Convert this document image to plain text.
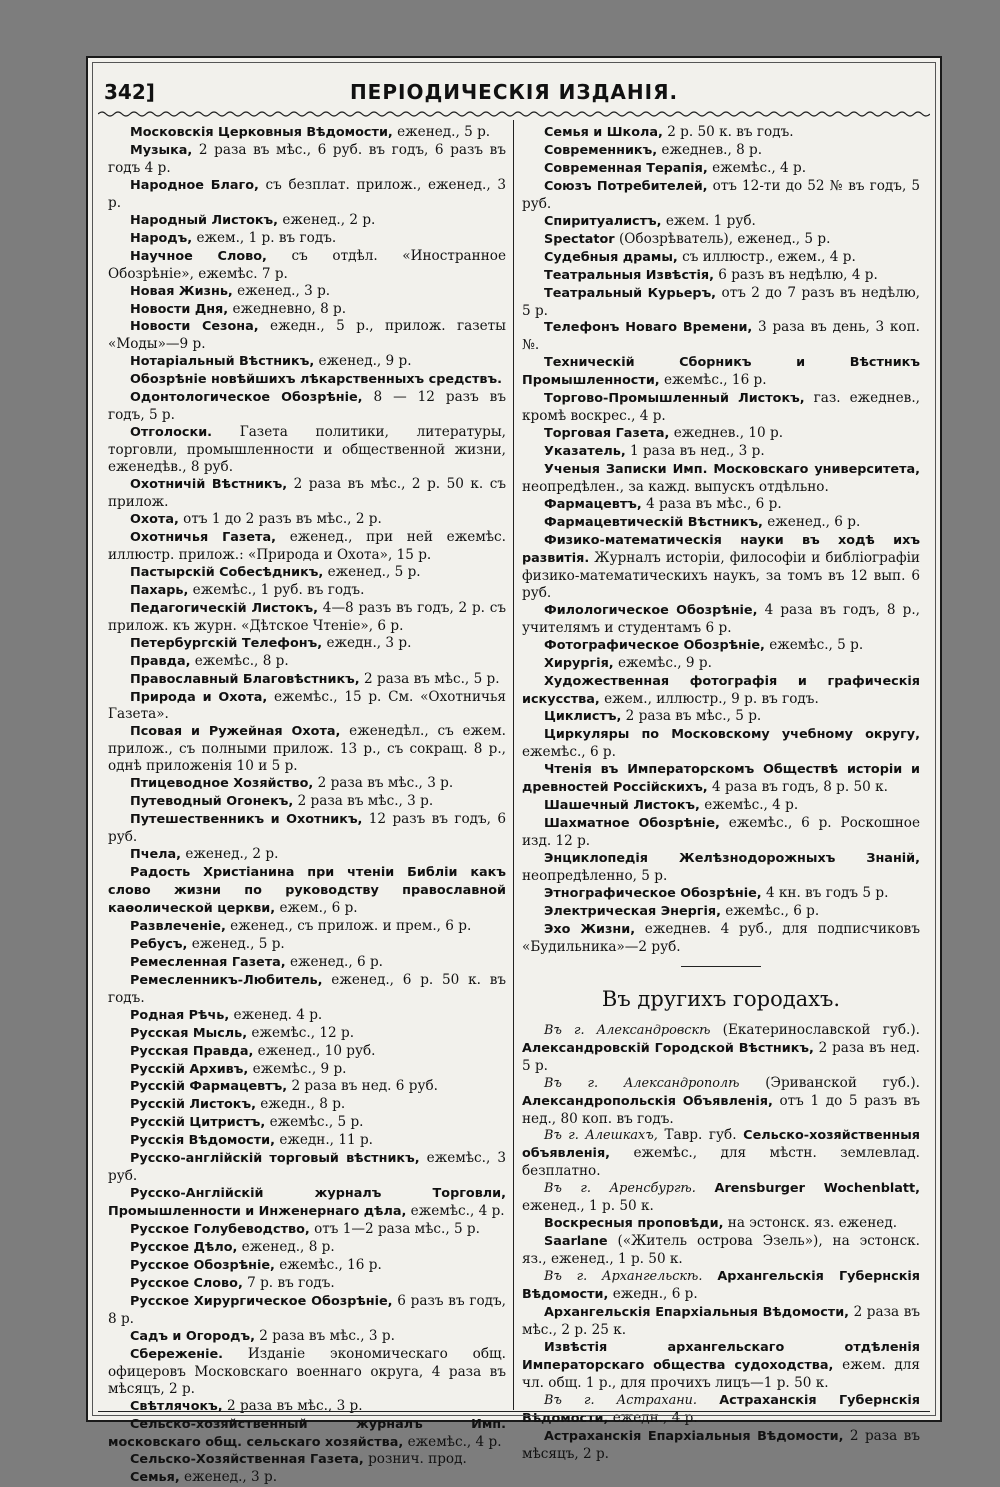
342]	ПЕРІОДИЧЕСКІЯ ИЗДАНІЯ.

Московскія Церковныя Вѣдомости, еженед., 5 р.

Музыка, 2 раза въ мѣс., 6 руб. въ годъ, 6 разъ въ годъ 4 р.

Народное Благо, съ безплат. прилож., еженед., 3 р.

Народный Листокъ, еженед., 2 р.

Народъ, ежем., 1 р. въ годъ.

Научное Слово, съ отдѣл. «Иностранное Обозрѣніе», ежемѣс. 7 р.

Новая Жизнь, еженед., 3 р.

Новости Дня, ежедневно, 8 р.

Новости Сезона, ежедн., 5 р., прилож. газеты «Моды»—9 р.

Нотаріальный Вѣстникъ, еженед., 9 р.

Обозрѣніе новѣйшихъ лѣкарственныхъ средствъ.

Одонтологическое Обозрѣніе, 8 — 12 разъ въ годъ, 5 р.

Отголоски. Газета политики, литературы, торговли, промышленности и общественной жизни, еженедѣв., 8 руб.

Охотничій Вѣстникъ, 2 раза въ мѣс., 2 р. 50 к. съ прилож.

Охота, отъ 1 до 2 разъ въ мѣс., 2 р.

Охотничья Газета, еженед., при ней ежемѣс. иллюстр. прилож.: «Природа и Охота», 15 р.

Пастырскій Собесѣдникъ, еженед., 5 р.

Пахарь, ежемѣс., 1 руб. въ годъ.

Педагогическій Листокъ, 4—8 разъ въ годъ, 2 р. съ прилож. къ журн. «Дѣтское Чтеніе», 6 р.

Петербургскій Телефонъ, ежедн., 3 р.

Правда, ежемѣс., 8 р.

Православный Благовѣстникъ, 2 раза въ мѣс., 5 р.

Природа и Охота, ежемѣс., 15 р. См. «Охотничья Газета».

Псовая и Ружейная Охота, еженедѣл., съ ежем. прилож., съ полными прилож. 13 р., съ сокращ. 8 р., однѣ приложенія 10 и 5 р.

Птицеводное Хозяйство, 2 раза въ мѣс., 3 р.

Путеводный Огонекъ, 2 раза въ мѣс., 3 р.

Путешественникъ и Охотникъ, 12 разъ въ годъ, 6 руб.

Пчела, еженед., 2 р.

Радость Христіанина при чтеніи Библіи какъ слово жизни по руководству православной каѳолической церкви, ежем., 6 р.

Развлеченіе, еженед., съ прилож. и прем., 6 р.

Ребусъ, еженед., 5 р.

Ремесленная Газета, еженед., 6 р.

Ремесленникъ-Любитель, еженед., 6 р. 50 к. въ годъ.

Родная Рѣчь, еженед. 4 р.

Русская Мысль, ежемѣс., 12 р.

Русская Правда, еженед., 10 руб.

Русскій Архивъ, ежемѣс., 9 р.

Русскій Фармацевтъ, 2 раза въ нед. 6 руб.

Русскій Листокъ, ежедн., 8 р.

Русскій Цитристъ, ежемѣс., 5 р.

Русскія Вѣдомости, ежедн., 11 р.

Русско-англійскій торговый вѣстникъ, ежемѣс., 3 руб.

Русско-Англійскій журналъ Торговли, Промышленности и Инженернаго дѣла, ежемѣс., 4 р.

Русское Голубеводство, отъ 1—2 раза мѣс., 5 р.

Русское Дѣло, еженед., 8 р.

Русское Обозрѣніе, ежемѣс., 16 р.

Русское Слово, 7 р. въ годъ.

Русское Хирургическое Обозрѣніе, 6 разъ въ годъ, 8 р.

Садъ и Огородъ, 2 раза въ мѣс., 3 р.

Сбереженіе. Изданіе экономическаго общ. офицеровъ Московскаго военнаго округа, 4 раза въ мѣсяцъ, 2 р.

Свѣтлячокъ, 2 раза въ мѣс., 3 р.

Сельско-хозяйственный журналъ Имп. московскаго общ. сельскаго хозяйства, ежемѣс., 4 р.

Сельско-Хозяйственная Газета, рознич. прод.

Семья, еженед., 3 р.

Семья и Школа, 2 р. 50 к. въ годъ.

Современникъ, ежеднев., 8 р.

Современная Терапія, ежемѣс., 4 р.

Союзъ Потребителей, отъ 12-ти до 52 № въ годъ, 5 руб.

Спиритуалистъ, ежем. 1 руб.

Spectator (Обозрѣватель), еженед., 5 р.

Судебныя драмы, съ иллюстр., ежем., 4 р.

Театральныя Извѣстія, 6 разъ въ недѣлю, 4 р.

Театральный Курьеръ, отъ 2 до 7 разъ въ недѣлю, 5 р.

Телефонъ Новаго Времени, 3 раза въ день, 3 коп. №.

Техническій Сборникъ и Вѣстникъ Промышленности, ежемѣс., 16 р.

Торгово-Промышленный Листокъ, газ. ежеднев., кромѣ воскрес., 4 р.

Торговая Газета, ежеднев., 10 р.

Указатель, 1 раза въ нед., 3 р.

Ученыя Записки Имп. Московскаго университета, неопредѣлен., за кажд. выпускъ отдѣльно.

Фармацевтъ, 4 раза въ мѣс., 6 р.

Фармацевтическій Вѣстникъ, еженед., 6 р.

Физико-математическія науки въ ходѣ ихъ развитія. Журналъ исторіи, философіи и библіографіи физико-математическихъ наукъ, за томъ въ 12 вып. 6 руб.

Филологическое Обозрѣніе, 4 раза въ годъ, 8 р., учителямъ и студентамъ 6 р.

Фотографическое Обозрѣніе, ежемѣс., 5 р.

Хирургія, ежемѣс., 9 р.

Художественная фотографія и графическія искусства, ежем., иллюстр., 9 р. въ годъ.

Циклистъ, 2 раза въ мѣс., 5 р.

Циркуляры по Московскому учебному округу, ежемѣс., 6 р.

Чтенія въ Императорскомъ Обществѣ исторіи и древностей Россійскихъ, 4 раза въ годъ, 8 р. 50 к.

Шашечный Листокъ, ежемѣс., 4 р.

Шахматное Обозрѣніе, ежемѣс., 6 р. Роскошное изд. 12 р.

Энциклопедія Желѣзнодорожныхъ Знаній, неопредѣленно, 5 р.

Этнографическое Обозрѣніе, 4 кн. въ годъ 5 р.

Электрическая Энергія, ежемѣс., 6 р.

Эхо Жизни, ежеднев. 4 руб., для подписчиковъ «Будильника»—2 руб.

Въ другихъ городахъ.

Въ г. Александровскѣ (Екатеринославской губ.). Александровскій Городской Вѣстникъ, 2 раза въ нед. 5 р.

Въ г. Александрополѣ (Эриванской губ.). Александропольскія Объявленія, отъ 1 до 5 разъ въ нед., 80 коп. въ годъ.

Въ г. Алешкахъ, Тавр. губ. Сельско-хозяйственныя объявленія, ежемѣс., для мѣстн. землевлад. безплатно.

Въ г. Аренсбургѣ. Arensburger Wochenblatt, еженед., 1 р. 50 к.

Воскресныя проповѣди, на эстонск. яз. еженед.

Saarlane («Житель острова Эзель»), на эстонск. яз., еженед., 1 р. 50 к.

Въ г. Архангельскѣ. Архангельскія Губернскія Вѣдомости, ежедн., 6 р.

Архангельскія Епархіальныя Вѣдомости, 2 раза въ мѣс., 2 р. 25 к.

Извѣстія архангельскаго отдѣленія Императорскаго общества судоходства, ежем. для чл. общ. 1 р., для прочихъ лицъ—1 р. 50 к.

Въ г. Астрахани. Астраханскія Губернскія Вѣдомости, ежедн., 4 р.

Астраханскія Епархіальныя Вѣдомости, 2 раза въ мѣсяцъ, 2 р.
